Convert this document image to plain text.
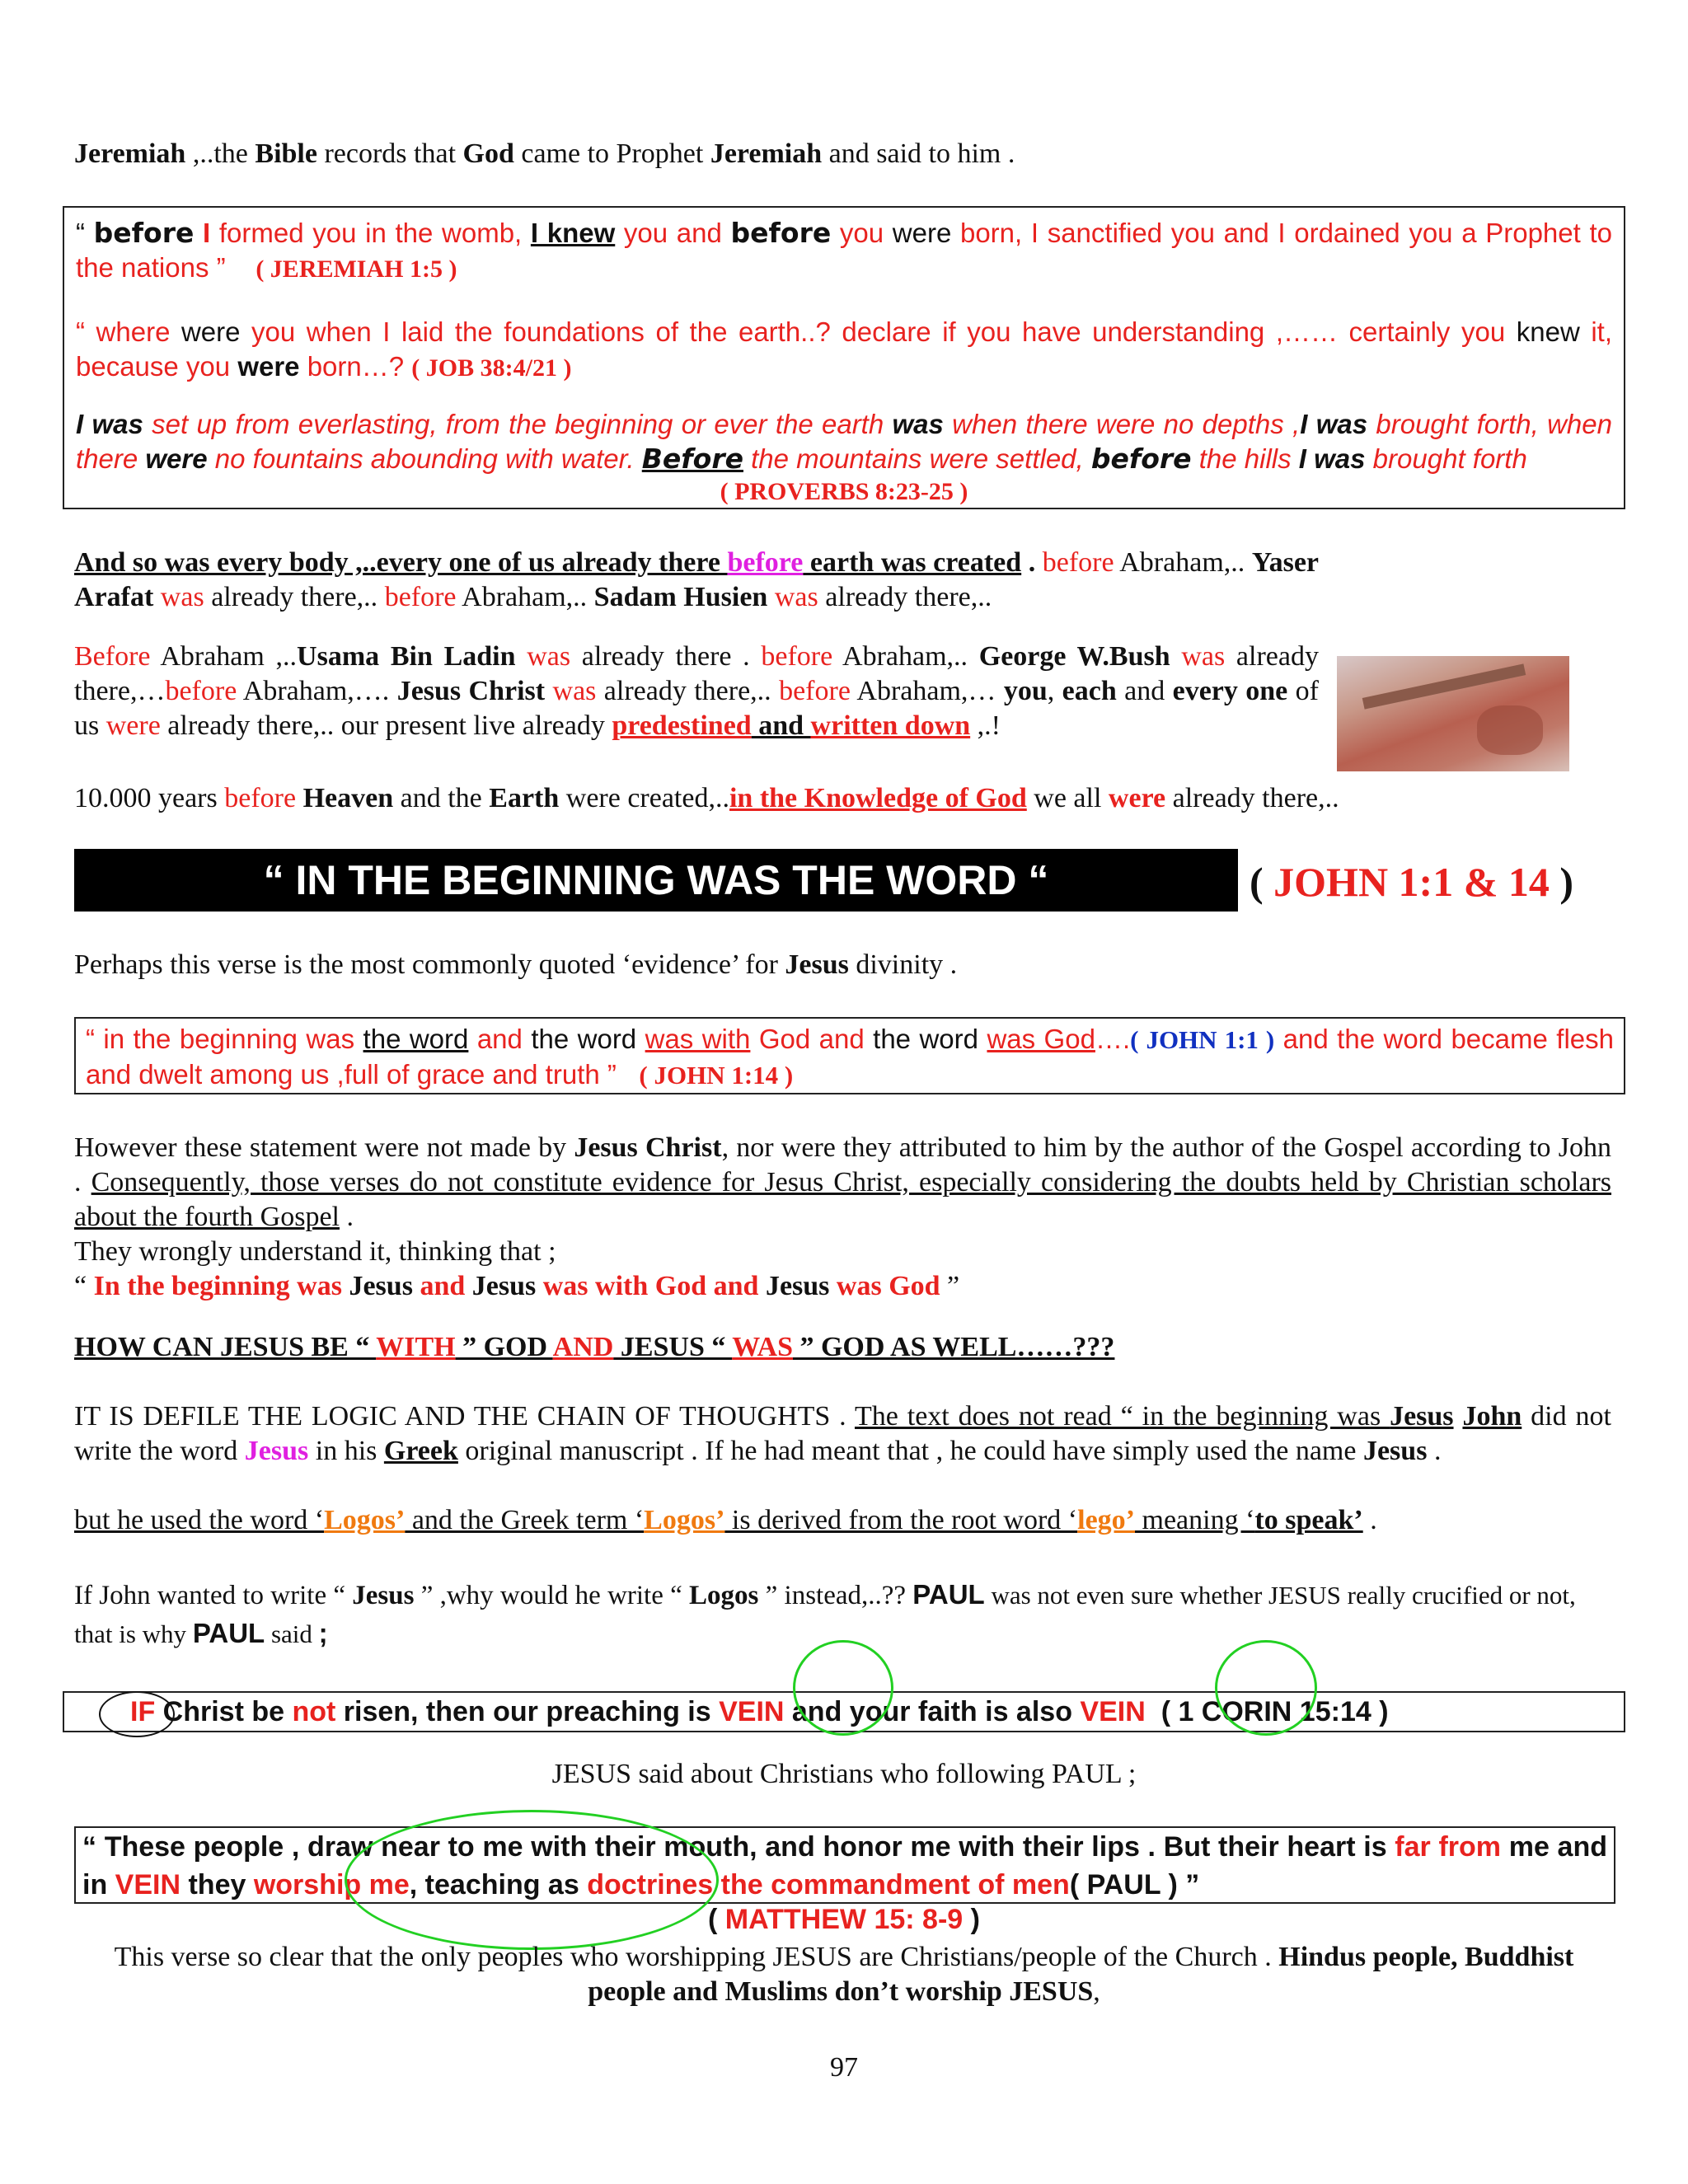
Jeremiah ,..the Bible records that God came to Prophet Jeremiah and said to him .

“ before I formed you in the womb, I knew you and before you were born, I sanctified you and I ordained you a Prophet to the nations ” ( JEREMIAH 1:5 )

“ where were you when I laid the foundations of the earth..? declare if you have understanding ,…… certainly you knew it, because you were born…? ( JOB 38:4/21 )

I was set up from everlasting, from the beginning or ever the earth was when there were no depths ,I was brought forth, when there were no fountains abounding with water. Before the mountains were settled, before the hills I was brought forth

( PROVERBS 8:23-25 )

And so was every body ,..every one of us already there before earth was created . before Abraham,.. Yaser Arafat was already there,.. before Abraham,.. Sadam Husien was already there,..
Before Abraham ,..Usama Bin Ladin was already there . before Abraham,.. George W.Bush was already there,…before Abraham,…. Jesus Christ was already there,.. before Abraham,… you, each and every one of us were already there,.. our present live already predestined and written down ,.!
10.000 years before Heaven and the Earth were created,..in the Knowledge of God we all were already there,..
“ IN THE BEGINNING WAS THE WORD “	( JOHN 1:1 & 14 )
Perhaps this verse is the most commonly quoted ‘evidence’ for Jesus divinity .
“ in the beginning was the word and the word was with God and the word was God….( JOHN 1:1 ) and the word became flesh and dwelt among us ,full of grace and truth ” ( JOHN 1:14 )
However these statement were not made by Jesus Christ, nor were they attributed to him by the author of the Gospel according to John . Consequently, those verses do not constitute evidence for Jesus Christ, especially considering the doubts held by Christian scholars about the fourth Gospel .
They wrongly understand it, thinking that ;
“ In the beginning was Jesus and Jesus was with God and Jesus was God ”
HOW CAN JESUS BE “ WITH ” GOD AND JESUS “ WAS ” GOD AS WELL……???
IT IS DEFILE THE LOGIC AND THE CHAIN OF THOUGHTS . The text does not read “ in the beginning was Jesus John did not write the word Jesus in his Greek original manuscript . If he had meant that , he could have simply used the name Jesus .
but he used the word ‘Logos’ and the Greek term ‘Logos’ is derived from the root word ‘lego’ meaning ‘to speak’ .
If John wanted to write “ Jesus ” ,why would he write “ Logos ” instead,..?? PAUL was not even sure whether JESUS really crucified or not, that is why PAUL said ;
IF Christ be not risen, then our preaching is VEIN and your faith is also VEIN ( 1 CORIN 15:14 )
JESUS said about Christians who following PAUL ;
“ These people , draw near to me with their mouth, and honor me with their lips . But their heart is far from me and in VEIN they worship me, teaching as doctrines the commandment of men( PAUL ) ”
( MATTHEW 15: 8-9 )
This verse so clear that the only peoples who worshipping JESUS are Christians/people of the Church . Hindus people, Buddhist people and Muslims don’t worship JESUS,
97
